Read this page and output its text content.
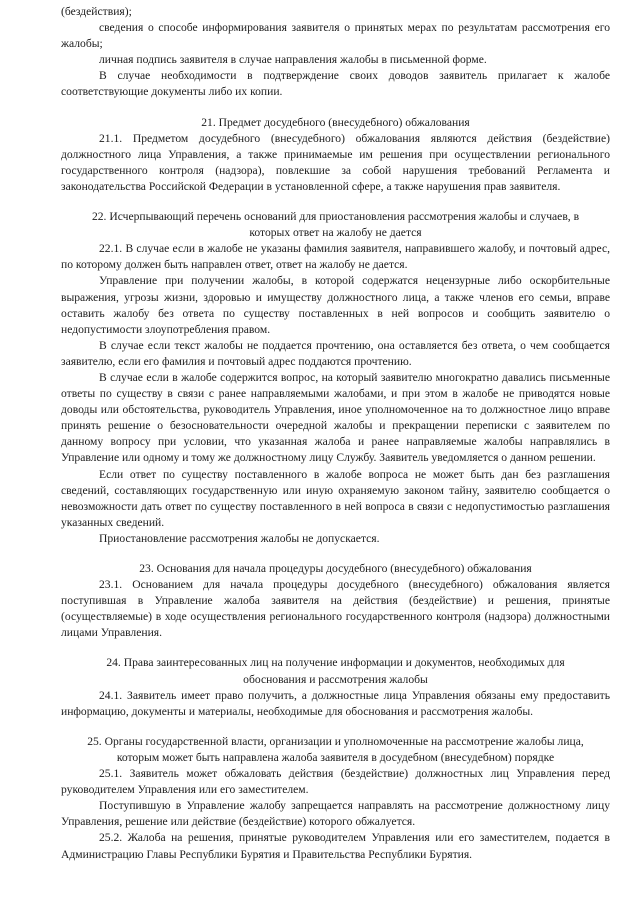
(бездействия);

сведения о способе информирования заявителя о принятых мерах по результатам рассмотрения его жалобы;

личная подпись заявителя в случае направления жалобы в письменной форме.

В случае необходимости в подтверждение своих доводов заявитель прилагает к жалобе соответствующие документы либо их копии.

21. Предмет досудебного (внесудебного) обжалования

21.1. Предметом досудебного (внесудебного) обжалования являются действия (бездействие) должностного лица Управления, а также принимаемые им решения при осуществлении регионального государственного контроля (надзора), повлекшие за собой нарушения требований Регламента и законодательства Российской Федерации в установленной сфере, а также нарушения прав заявителя.

22. Исчерпывающий перечень оснований для приостановления рассмотрения жалобы и случаев, в которых ответ на жалобу не дается

22.1. В случае если в жалобе не указаны фамилия заявителя, направившего жалобу, и почтовый адрес, по которому должен быть направлен ответ, ответ на жалобу не дается.

Управление при получении жалобы, в которой содержатся нецензурные либо оскорбительные выражения, угрозы жизни, здоровью и имуществу должностного лица, а также членов его семьи, вправе оставить жалобу без ответа по существу поставленных в ней вопросов и сообщить заявителю о недопустимости злоупотребления правом.

В случае если текст жалобы не поддается прочтению, она оставляется без ответа, о чем сообщается заявителю, если его фамилия и почтовый адрес поддаются прочтению.

В случае если в жалобе содержится вопрос, на который заявителю многократно давались письменные ответы по существу в связи с ранее направляемыми жалобами, и при этом в жалобе не приводятся новые доводы или обстоятельства, руководитель Управления, иное уполномоченное на то должностное лицо вправе принять решение о безосновательности очередной жалобы и прекращении переписки с заявителем по данному вопросу при условии, что указанная жалоба и ранее направляемые жалобы направлялись в Управление или одному и тому же должностному лицу Службу. Заявитель уведомляется о данном решении.

Если ответ по существу поставленного в жалобе вопроса не может быть дан без разглашения сведений, составляющих государственную или иную охраняемую законом тайну, заявителю сообщается о невозможности дать ответ по существу поставленного в ней вопроса в связи с недопустимостью разглашения указанных сведений.

Приостановление рассмотрения жалобы не допускается.

23. Основания для начала процедуры досудебного (внесудебного) обжалования

23.1. Основанием для начала процедуры досудебного (внесудебного) обжалования является поступившая в Управление жалоба заявителя на действия (бездействие) и решения, принятые (осуществляемые) в ходе осуществления регионального государственного контроля (надзора) должностными лицами Управления.

24. Права заинтересованных лиц на получение информации и документов, необходимых для обоснования и рассмотрения жалобы

24.1. Заявитель имеет право получить, а должностные лица Управления обязаны ему предоставить информацию, документы и материалы, необходимые для обоснования и рассмотрения жалобы.

25. Органы государственной власти, организации и уполномоченные на рассмотрение жалобы лица, которым может быть направлена жалоба заявителя в досудебном (внесудебном) порядке

25.1. Заявитель может обжаловать действия (бездействие) должностных лиц Управления перед руководителем Управления или его заместителем.

Поступившую в Управление жалобу запрещается направлять на рассмотрение должностному лицу Управления, решение или действие (бездействие) которого обжалуется.

25.2. Жалоба на решения, принятые руководителем Управления или его заместителем, подается в Администрацию Главы Республики Бурятия и Правительства Республики Бурятия.
